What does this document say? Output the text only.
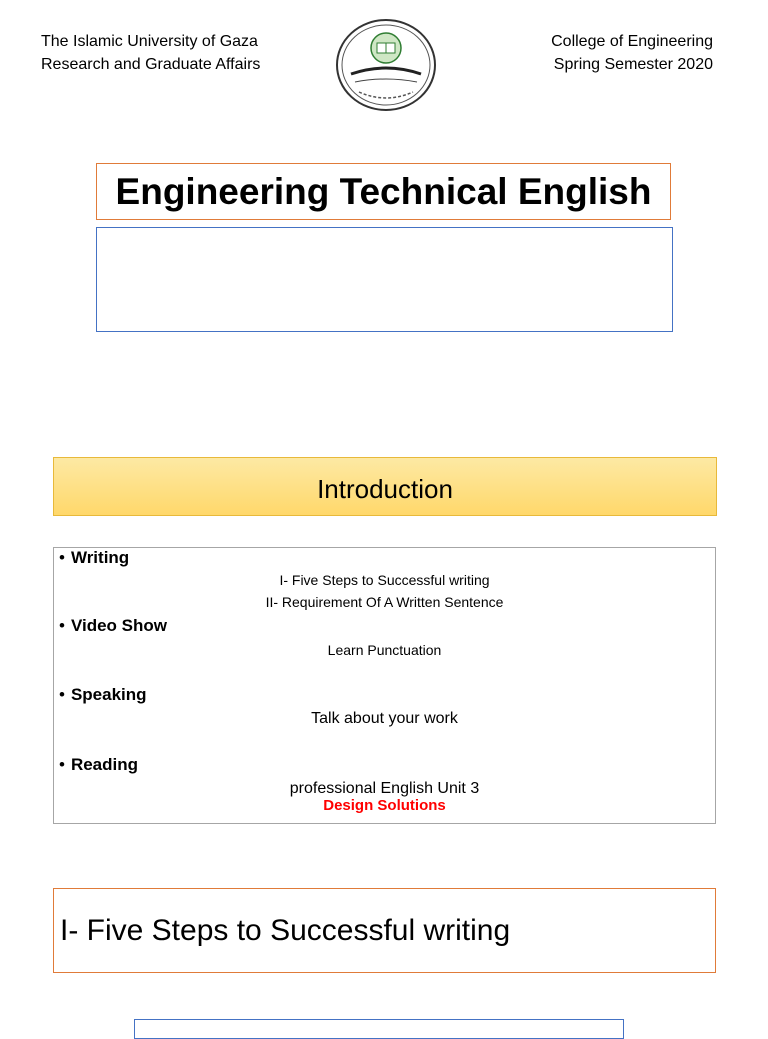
The Islamic University of Gaza
Research and Graduate Affairs
College of Engineering
Spring Semester 2020
Engineering Technical English
Introduction
• Writing
I- Five Steps to Successful writing
II- Requirement Of A Written Sentence
• Video Show
Learn Punctuation
• Speaking
Talk about your work
• Reading
professional English Unit 3
Design Solutions
I- Five Steps to Successful writing
